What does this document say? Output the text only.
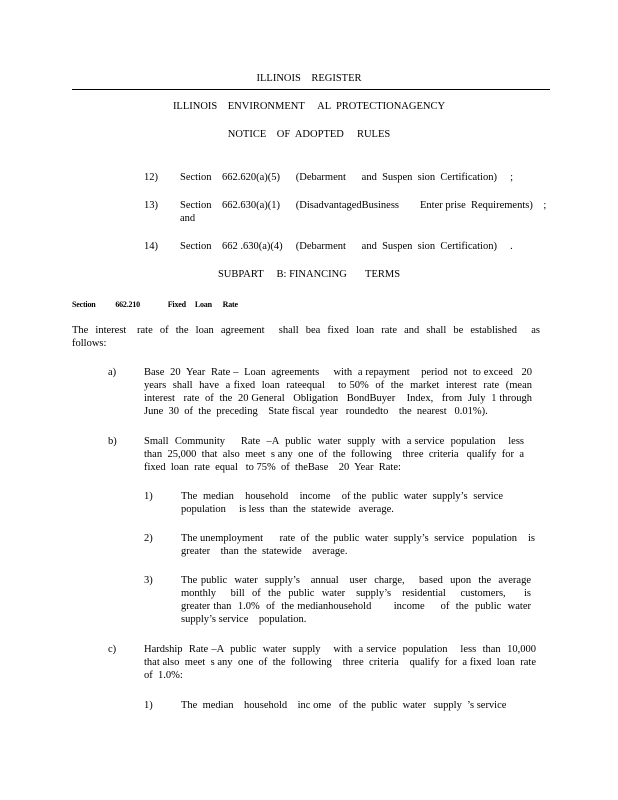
ILLINOIS    REGISTER
ILLINOIS    ENVIRONMENT     AL  PROTECTIONAGENCY
NOTICE    OF  ADOPTED     RULES
12) Section    662.620(a)(5)      (Debarment      and  Suspen  sion  Certification)     ;
13) Section    662.630(a)(1)      (DisadvantagedBusiness        Enter prise  Requirements)    ;
and
14) Section    662 .630(a)(4)     (Debarment      and  Suspen  sion  Certification)     .
SUBPART     B: FINANCING       TERMS
Section 662.210	Fixed     Loan      Rate
The  interest   rate  of  the  loan  agreement    shall  bea  fixed  loan  rate  and  shall  be  established    as follows:
a)	Base  20  Year  Rate –  Loan  agreements     with  a repayment    period  not  to exceed   20 years  shall  have  a fixed  loan  rateequal    to 50%  of  the  market  interest  rate  (mean interest   rate  of  the  20 General   Obligation   BondBuyer    Index,   from  July  1 through June  30  of  the  preceding    State fiscal  year   roundedto    the  nearest   0.01%).
b)	Small  Community     Rate  –A  public  water  supply  with  a service  population    less than  25,000  that  also  meet  s any  one  of  the  following    three  criteria   qualify  for  a fixed  loan  rate  equal   to 75%  of  theBase    20  Year  Rate:
1)	The  median    household    income    of the  public  water  supply’s  service population     is less  than  the  statewide   average.
2)	The unemployment      rate  of  the  public  water  supply’s  service   population    is greater    than  the  statewide    average.
3)	The public  water  supply’s   annual   user  charge,    based  upon  the  average monthly    bill  of  the  public  water   supply’s   residential    customers,     is greater than  1.0%  of  the medianhousehold       income     of  the  public  water   supply’s service    population.
c)	Hardship  Rate –A  public  water  supply    with  a service  population    less  than  10,000 that also  meet  s any  one  of  the  following    three  criteria    qualify  for  a fixed  loan  rate of  1.0%:
1)	The  median    household    inc ome   of  the  public  water   supply  ’s service
